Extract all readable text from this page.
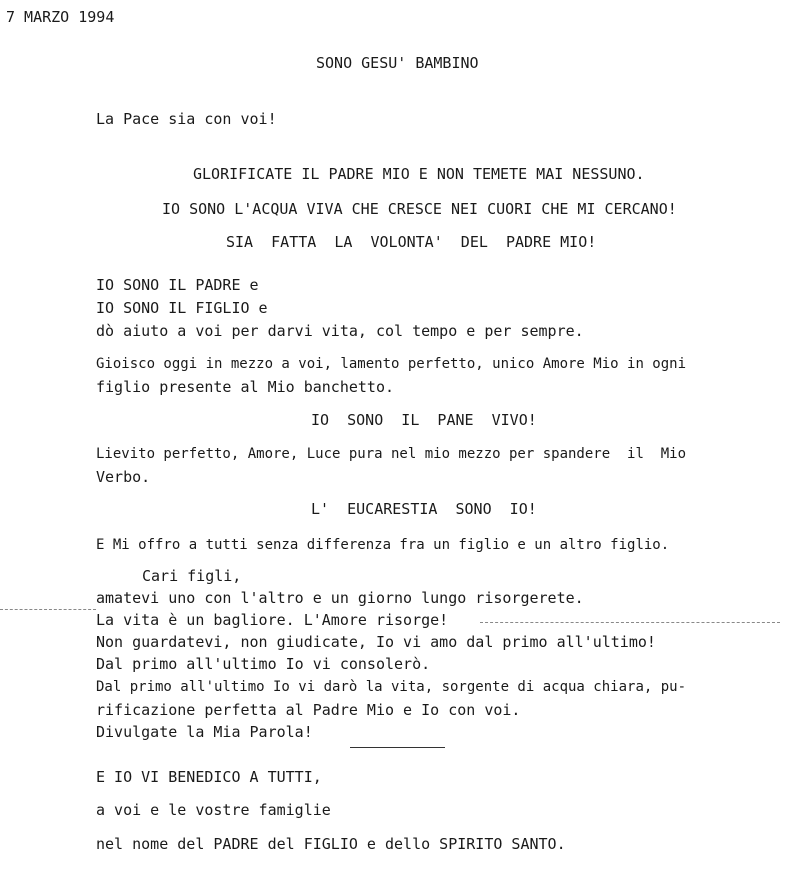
7 MARZO 1994
SONO GESU' BAMBINO
La Pace sia con voi!
GLORIFICATE IL PADRE MIO E NON TEMETE MAI NESSUNO.
IO SONO L'ACQUA VIVA CHE CRESCE NEI CUORI CHE MI CERCANO!
SIA  FATTA  LA  VOLONTA'  DEL  PADRE MIO!
IO SONO IL PADRE e
IO SONO IL FIGLIO e
dò aiuto a voi per darvi vita, col tempo e per sempre.
Gioisco oggi in mezzo a voi, lamento perfetto, unico Amore Mio in ogni
figlio presente al Mio banchetto.
IO  SONO  IL  PANE  VIVO!
Lievito perfetto, Amore, Luce pura nel mio mezzo per spandere  il  Mio
Verbo.
L'  EUCARESTIA  SONO  IO!
E Mi offro a tutti senza differenza fra un figlio e un altro figlio.
Cari figli,
amatevi uno con l'altro e un giorno lungo risorgerete.
La vita è un bagliore. L'Amore risorge!
Non guardatevi, non giudicate, Io vi amo dal primo all'ultimo!
Dal primo all'ultimo Io vi consolerò.
Dal primo all'ultimo Io vi darò la vita, sorgente di acqua chiara, pu-
rificazione perfetta al Padre Mio e Io con voi.
Divulgate la Mia Parola!
E IO VI BENEDICO A TUTTI,
a voi e le vostre famiglie
nel nome del PADRE del FIGLIO e dello SPIRITO SANTO.
